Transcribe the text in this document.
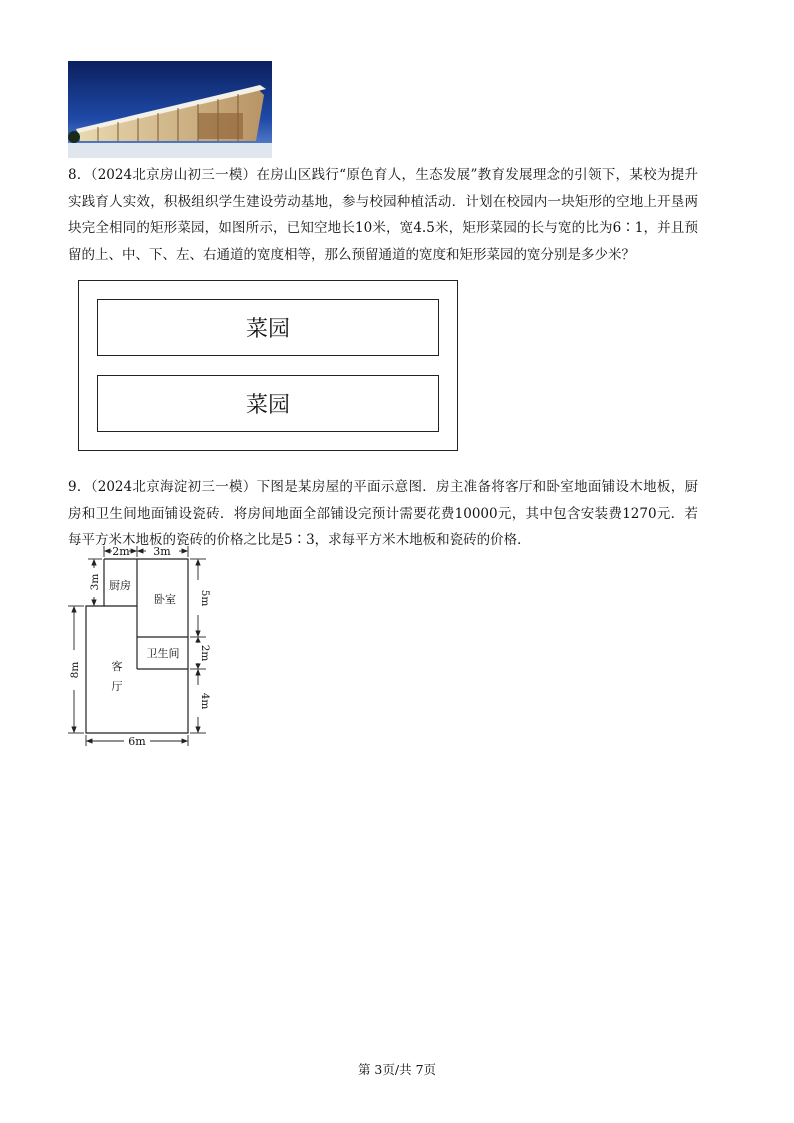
8．（2024北京房山初三一模）在房山区践行“原色育人，生态发展”教育发展理念的引领下，某校为提升实践育人实效，积极组织学生建设劳动基地，参与校园种植活动．计划在校园内一块矩形的空地上开垦两块完全相同的矩形菜园，如图所示，已知空地长10米，宽4.5米，矩形菜园的长与宽的比为6∶1，并且预留的上、中、下、左、右通道的宽度相等，那么预留通道的宽度和矩形菜园的宽分别是多少米？

菜园
菜园

9．（2024北京海淀初三一模）下图是某房屋的平面示意图．房主准备将客厅和卧室地面铺设木地板，厨房和卫生间地面铺设瓷砖．将房间地面全部铺设完预计需要花费10000元，其中包含安装费1270元．若每平方米木地板的瓷砖的价格之比是5∶3，求每平方米木地板和瓷砖的价格．

厨房
卧室
卫生间
客
厅
2m 3m
6m
3m
8m
5m
2m
4m
第 3页/共 7页
